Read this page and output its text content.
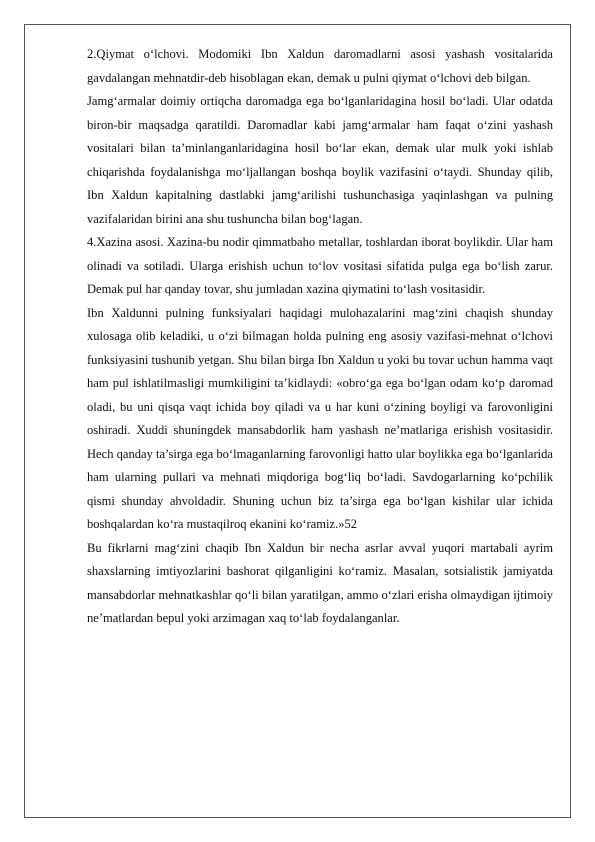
2.Qiymat o‘lchovi. Modomiki Ibn Xaldun daromadlarni asosi yashash vositalarida gavdalangan mehnatdir-deb hisoblagan ekan, demak u pulni qiymat o‘lchovi deb bilgan.

Jamg‘armalar doimiy ortiqcha daromadga ega bo‘lganlaridagina hosil bo‘ladi. Ular odatda biron-bir maqsadga qaratildi. Daromadlar kabi jamg‘armalar ham faqat o‘zini yashash vositalari bilan ta’minlanganlaridagina hosil bo‘lar ekan, demak ular mulk yoki ishlab chiqarishda foydalanishga mo‘ljallangan boshqa boylik vazifasini o‘taydi. Shunday qilib, Ibn Xaldun kapitalning dastlabki jamg‘arilishi tushunchasiga yaqinlashgan va pulning vazifalaridan birini ana shu tushuncha bilan bog‘lagan.

4.Xazina asosi. Xazina-bu nodir qimmatbaho metallar, toshlardan iborat boylikdir. Ular ham olinadi va sotiladi. Ularga erishish uchun to‘lov vositasi sifatida pulga ega bo‘lish zarur. Demak pul har qanday tovar, shu jumladan xazina qiymatini to‘lash vositasidir.

Ibn Xaldunni pulning funksiyalari haqidagi mulohazalarini mag‘zini chaqish shunday xulosaga olib keladiki, u o‘zi bilmagan holda pulning eng asosiy vazifasi-mehnat o‘lchovi funksiyasini tushunib yetgan. Shu bilan birga Ibn Xaldun u yoki bu tovar uchun hamma vaqt ham pul ishlatilmasligi mumkiligini ta’kidlaydi: «obro‘ga ega bo‘lgan odam ko‘p daromad oladi, bu uni qisqa vaqt ichida boy qiladi va u har kuni o‘zining boyligi va farovonligini oshiradi. Xuddi shuningdek mansabdorlik ham yashash ne’matlariga erishish vositasidir. Hech qanday ta’sirga ega bo‘lmaganlarning farovonligi hatto ular boylikka ega bo‘lganlarida ham ularning pullari va mehnati miqdoriga bog‘liq bo‘ladi. Savdogarlarning ko‘pchilik qismi shunday ahvoldadir. Shuning uchun biz ta’sirga ega bo‘lgan kishilar ular ichida boshqalardan ko‘ra mustaqilroq ekanini ko‘ramiz.»52

Bu fikrlarni mag‘zini chaqib Ibn Xaldun bir necha asrlar avval yuqori martabali ayrim shaxslarning imtiyozlarini bashorat qilganligini ko‘ramiz. Masalan, sotsialistik jamiyatda mansabdorlar mehnatkashlar qo‘li bilan yaratilgan, ammo o‘zlari erisha olmaydigan ijtimoiy ne’matlardan bepul yoki arzimagan xaq to‘lab foydalanganlar.
